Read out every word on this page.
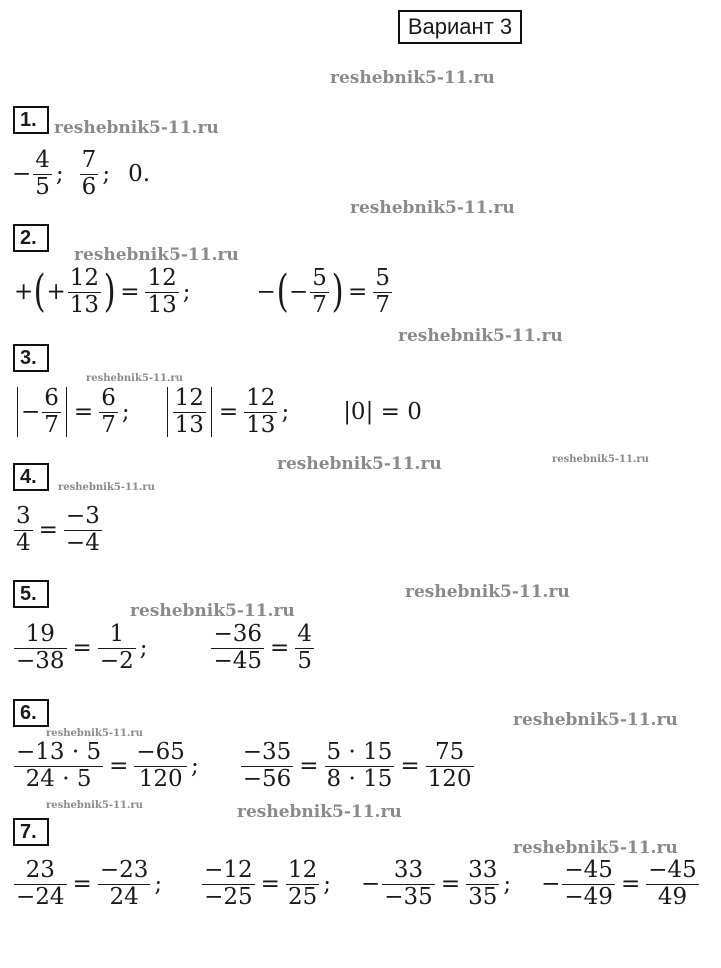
Вариант 3
reshebnik5-11.ru
reshebnik5-11.ru
reshebnik5-11.ru
reshebnik5-11.ru
reshebnik5-11.ru
reshebnik5-11.ru
reshebnik5-11.ru	reshebnik5-11.ru
reshebnik5-11.ru
reshebnik5-11.ru
reshebnik5-11.ru
reshebnik5-11.ru
reshebnik5-11.ru
reshebnik5-11.ru	reshebnik5-11.ru
reshebnik5-11.ru
1.
2.
3.
4.
5.
6.
7.
− $\frac{4}{5}$ ; $\frac{7}{6}$ ; 0.
+ ( + $\frac{12}{13}$ ) = $\frac{12}{13}$ ;	− ( − $\frac{5}{7}$ ) = $\frac{5}{7}$
− $\frac{6}{7} = \frac{6}{7}$ ; $\frac{12}{13} = \frac{12}{13}$ ; |0| = 0
$\frac{3}{4} = \frac{-3}{-4}$
$\frac{19}{-38} = \frac{1}{-2}$ ;	$\frac{-36}{-45} = \frac{4}{5}$
$\frac{-13 \cdot 5}{24 \cdot 5} = \frac{-65}{120}$ ; $\frac{-35}{-56} = \frac{5 \cdot 15}{8 \cdot 15} = \frac{75}{120}$
$\frac{23}{-24} = \frac{-23}{24}$ ; $\frac{-12}{-25} = \frac{12}{25}$ ; − $\frac{33}{-35} = \frac{33}{35}$ ; − $\frac{-45}{-49} = \frac{-45}{49}$
